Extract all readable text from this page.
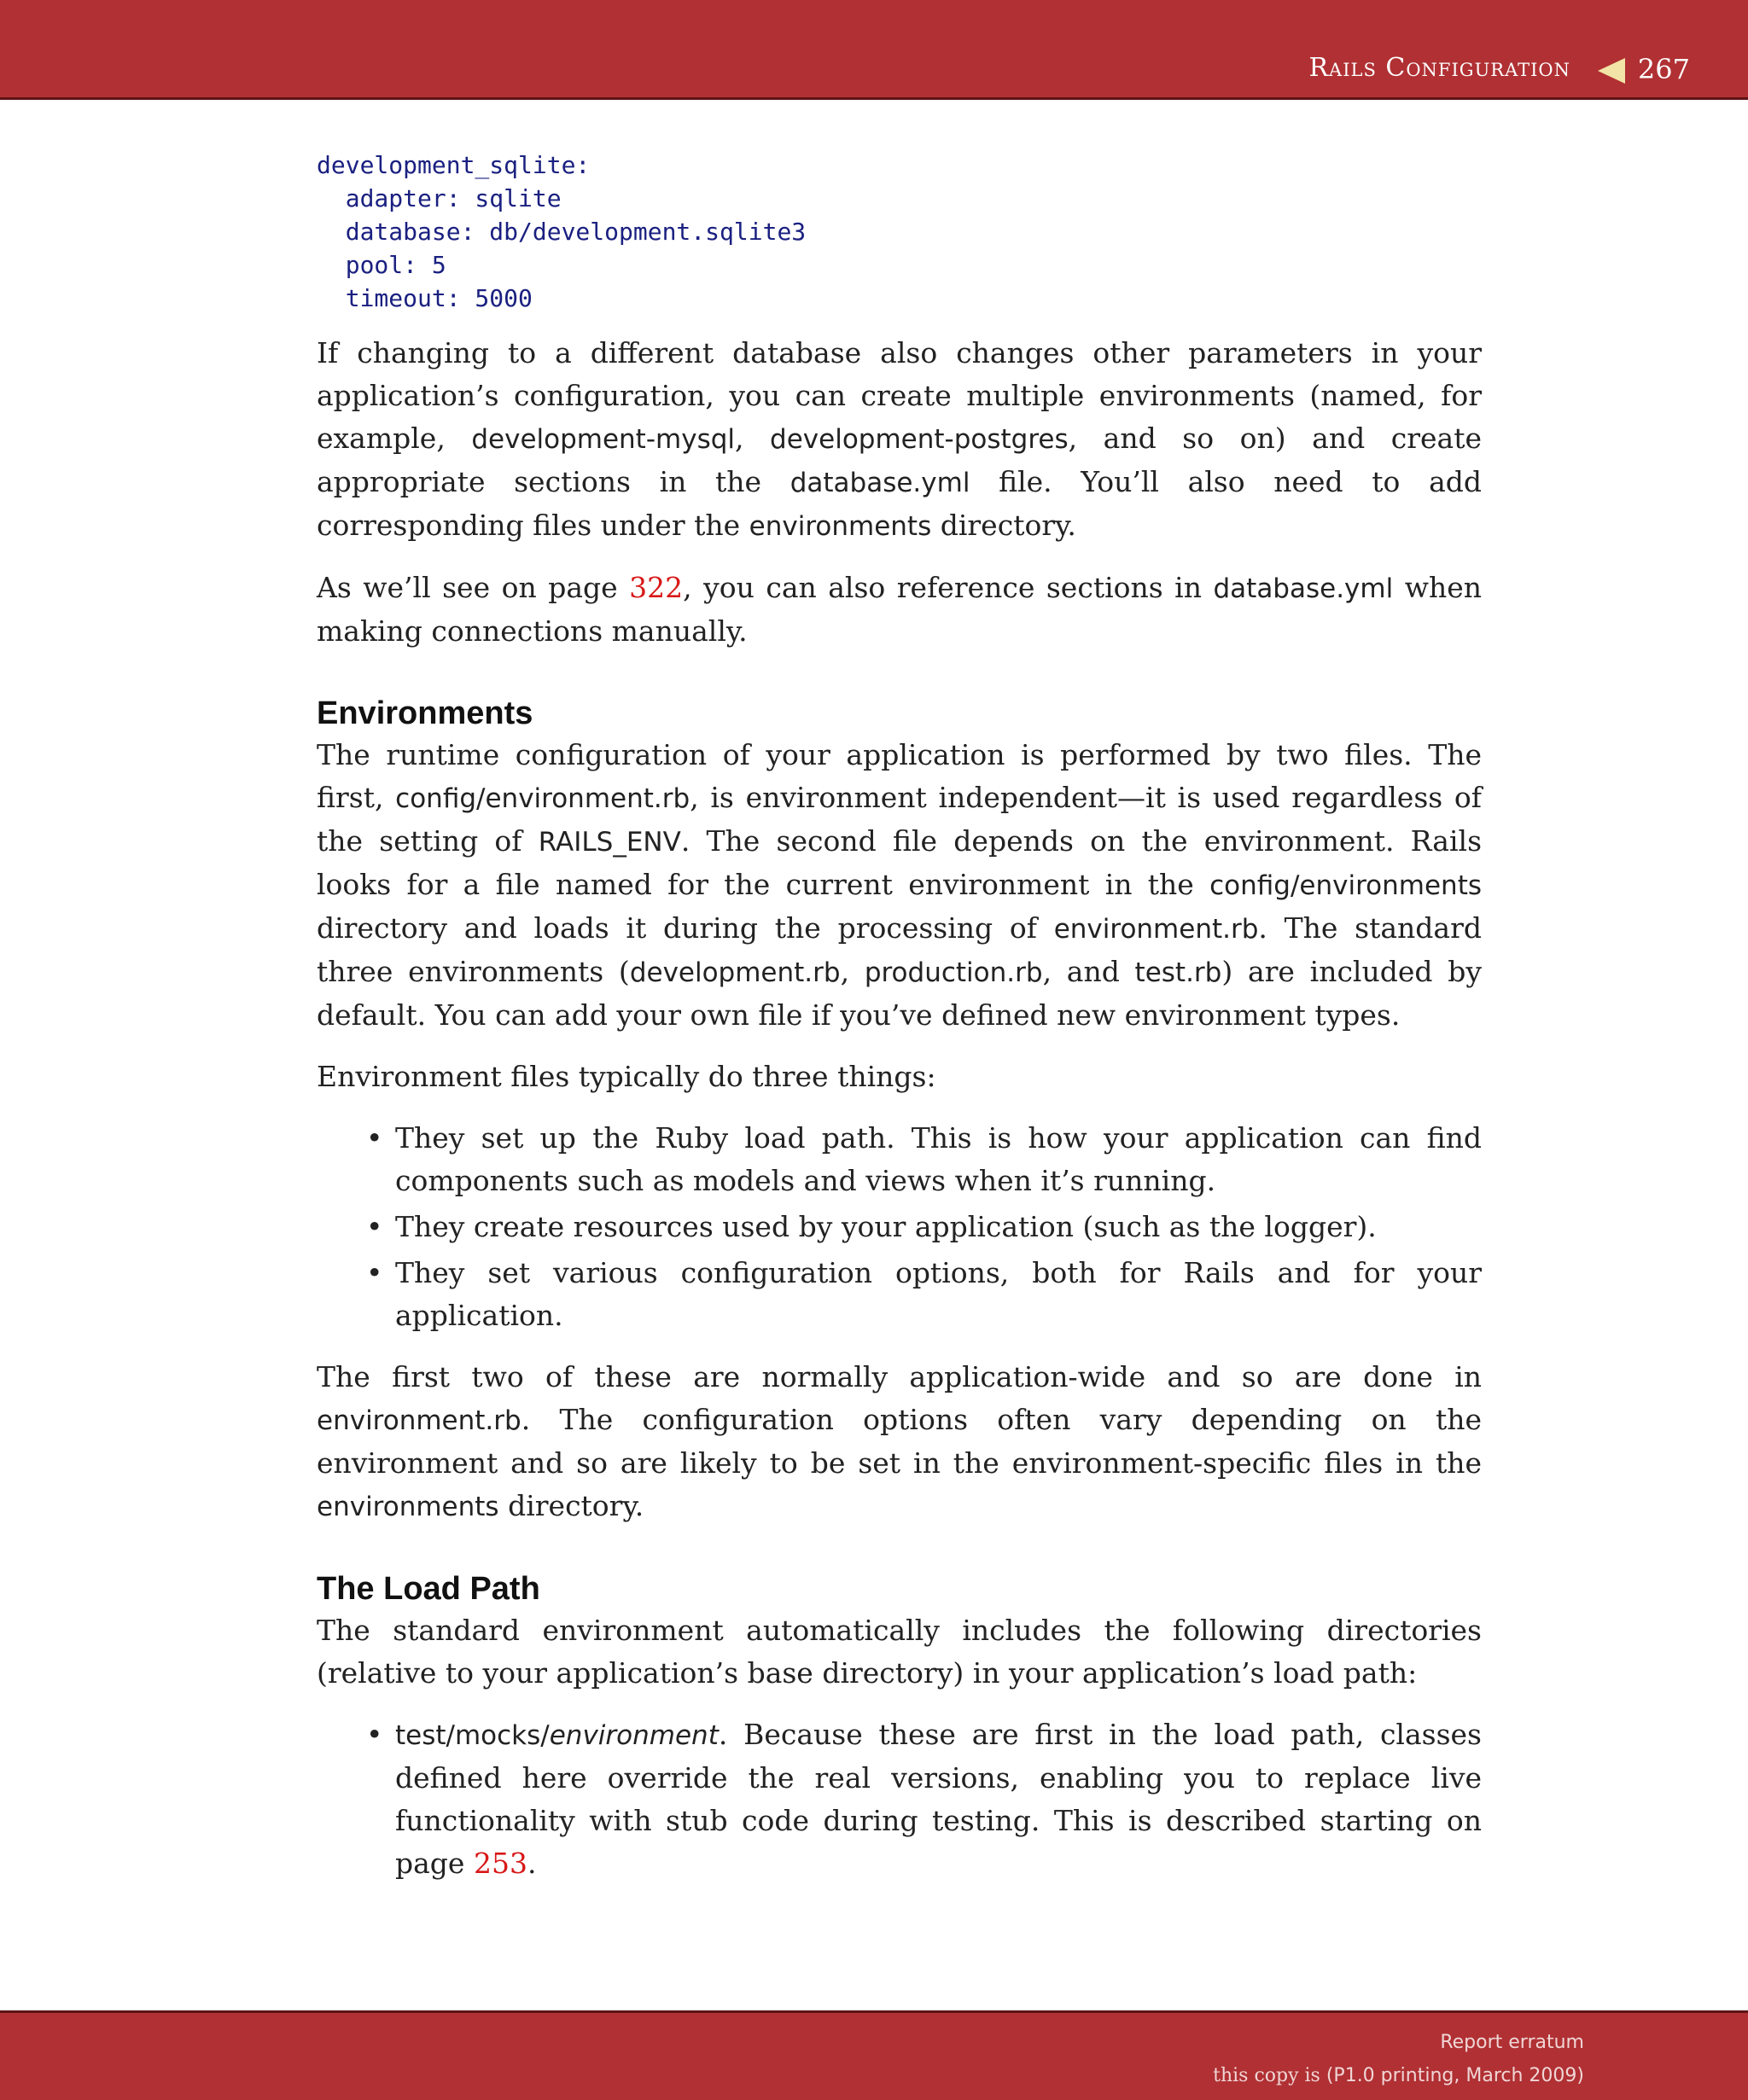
Rails Configuration 267
development_sqlite:
adapter: sqlite
database: db/development.sqlite3
pool: 5
timeout: 5000

If changing to a different database also changes other parameters in your application’s configuration, you can create multiple environments (named, for example, development-mysql, development-postgres, and so on) and create appropriate sections in the database.yml file. You’ll also need to add corresponding files under the environments directory.

As we’ll see on page 322, you can also reference sections in database.yml when making connections manually.

Environments

The runtime configuration of your application is performed by two files. The first, config/environment.rb, is environment independent—it is used regardless of the setting of RAILS_ENV. The second file depends on the environment. Rails looks for a file named for the current environment in the config/environments directory and loads it during the processing of environment.rb. The standard three environments (development.rb, production.rb, and test.rb) are included by default. You can add your own file if you’ve defined new environment types.

Environment files typically do three things:

• They set up the Ruby load path. This is how your application can find components such as models and views when it’s running.
• They create resources used by your application (such as the logger).
• They set various configuration options, both for Rails and for your application.

The first two of these are normally application-wide and so are done in environment.rb. The configuration options often vary depending on the environment and so are likely to be set in the environment-specific files in the environments directory.

The Load Path

The standard environment automatically includes the following directories (relative to your application’s base directory) in your application’s load path:

• test/mocks/environment. Because these are first in the load path, classes defined here override the real versions, enabling you to replace live functionality with stub code during testing. This is described starting on page 253.
Report erratum
this copy is (P1.0 printing, March 2009)
